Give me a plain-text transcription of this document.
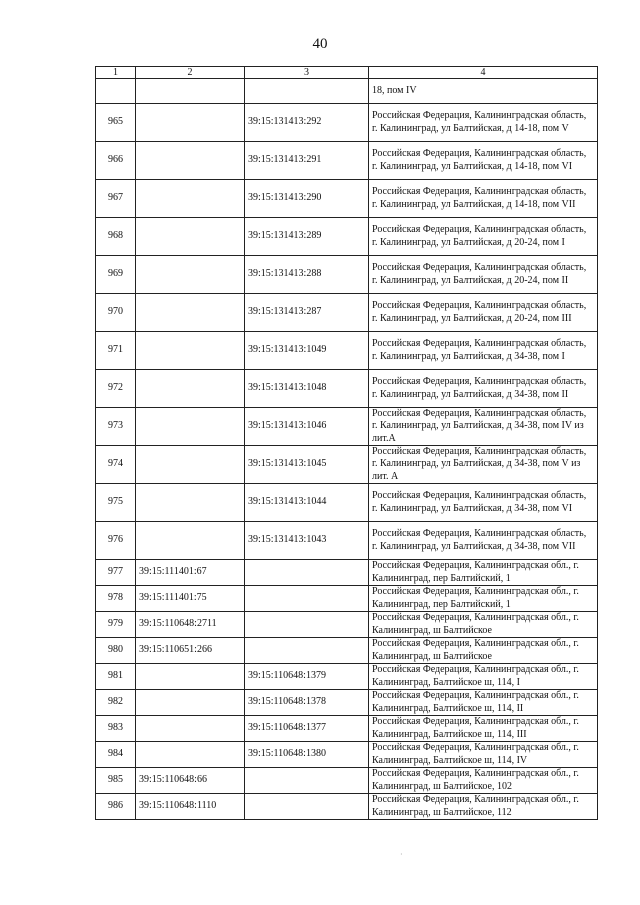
40
1	2	3	4
			18, пом IV
965		39:15:131413:292	Российская Федерация, Калининградская область, г. Калининград, ул Балтийская, д 14-18, пом V
966		39:15:131413:291	Российская Федерация, Калининградская область, г. Калининград, ул Балтийская, д 14-18, пом VI
967		39:15:131413:290	Российская Федерация, Калининградская область, г. Калининград, ул Балтийская, д 14-18, пом VII
968		39:15:131413:289	Российская Федерация, Калининградская область, г. Калининград, ул Балтийская, д 20-24, пом I
969		39:15:131413:288	Российская Федерация, Калининградская область, г. Калининград, ул Балтийская, д 20-24, пом II
970		39:15:131413:287	Российская Федерация, Калининградская область, г. Калининград, ул Балтийская, д 20-24, пом III
971		39:15:131413:1049	Российская Федерация, Калининградская область, г. Калининград, ул Балтийская, д 34-38, пом I
972		39:15:131413:1048	Российская Федерация, Калининградская область, г. Калининград, ул Балтийская, д 34-38, пом II
973		39:15:131413:1046	Российская Федерация, Калининградская область, г. Калининград, ул Балтийская, д 34-38, пом IV из лит.А
974		39:15:131413:1045	Российская Федерация, Калининградская область, г. Калининград, ул Балтийская, д 34-38, пом V из лит. А
975		39:15:131413:1044	Российская Федерация, Калининградская область, г. Калининград, ул Балтийская, д 34-38, пом VI
976		39:15:131413:1043	Российская Федерация, Калининградская область, г. Калининград, ул Балтийская, д 34-38, пом VII
977	39:15:111401:67		Российская Федерация, Калининградская обл., г. Калининград, пер Балтийский, 1
978	39:15:111401:75		Российская Федерация, Калининградская обл., г. Калининград, пер Балтийский, 1
979	39:15:110648:2711		Российская Федерация, Калининградская обл., г. Калининград, ш Балтийское
980	39:15:110651:266		Российская Федерация, Калининградская обл., г. Калининград, ш Балтийское
981		39:15:110648:1379	Российская Федерация, Калининградская обл., г. Калининград, Балтийское ш, 114, I
982		39:15:110648:1378	Российская Федерация, Калининградская обл., г. Калининград, Балтийское ш, 114, II
983		39:15:110648:1377	Российская Федерация, Калининградская обл., г. Калининград, Балтийское ш, 114, III
984		39:15:110648:1380	Российская Федерация, Калининградская обл., г. Калининград, Балтийское ш, 114, IV
985	39:15:110648:66		Российская Федерация, Калининградская обл., г. Калининград, ш Балтийское, 102
986	39:15:110648:1110		Российская Федерация, Калининградская обл., г. Калининград, ш Балтийское, 112
·
